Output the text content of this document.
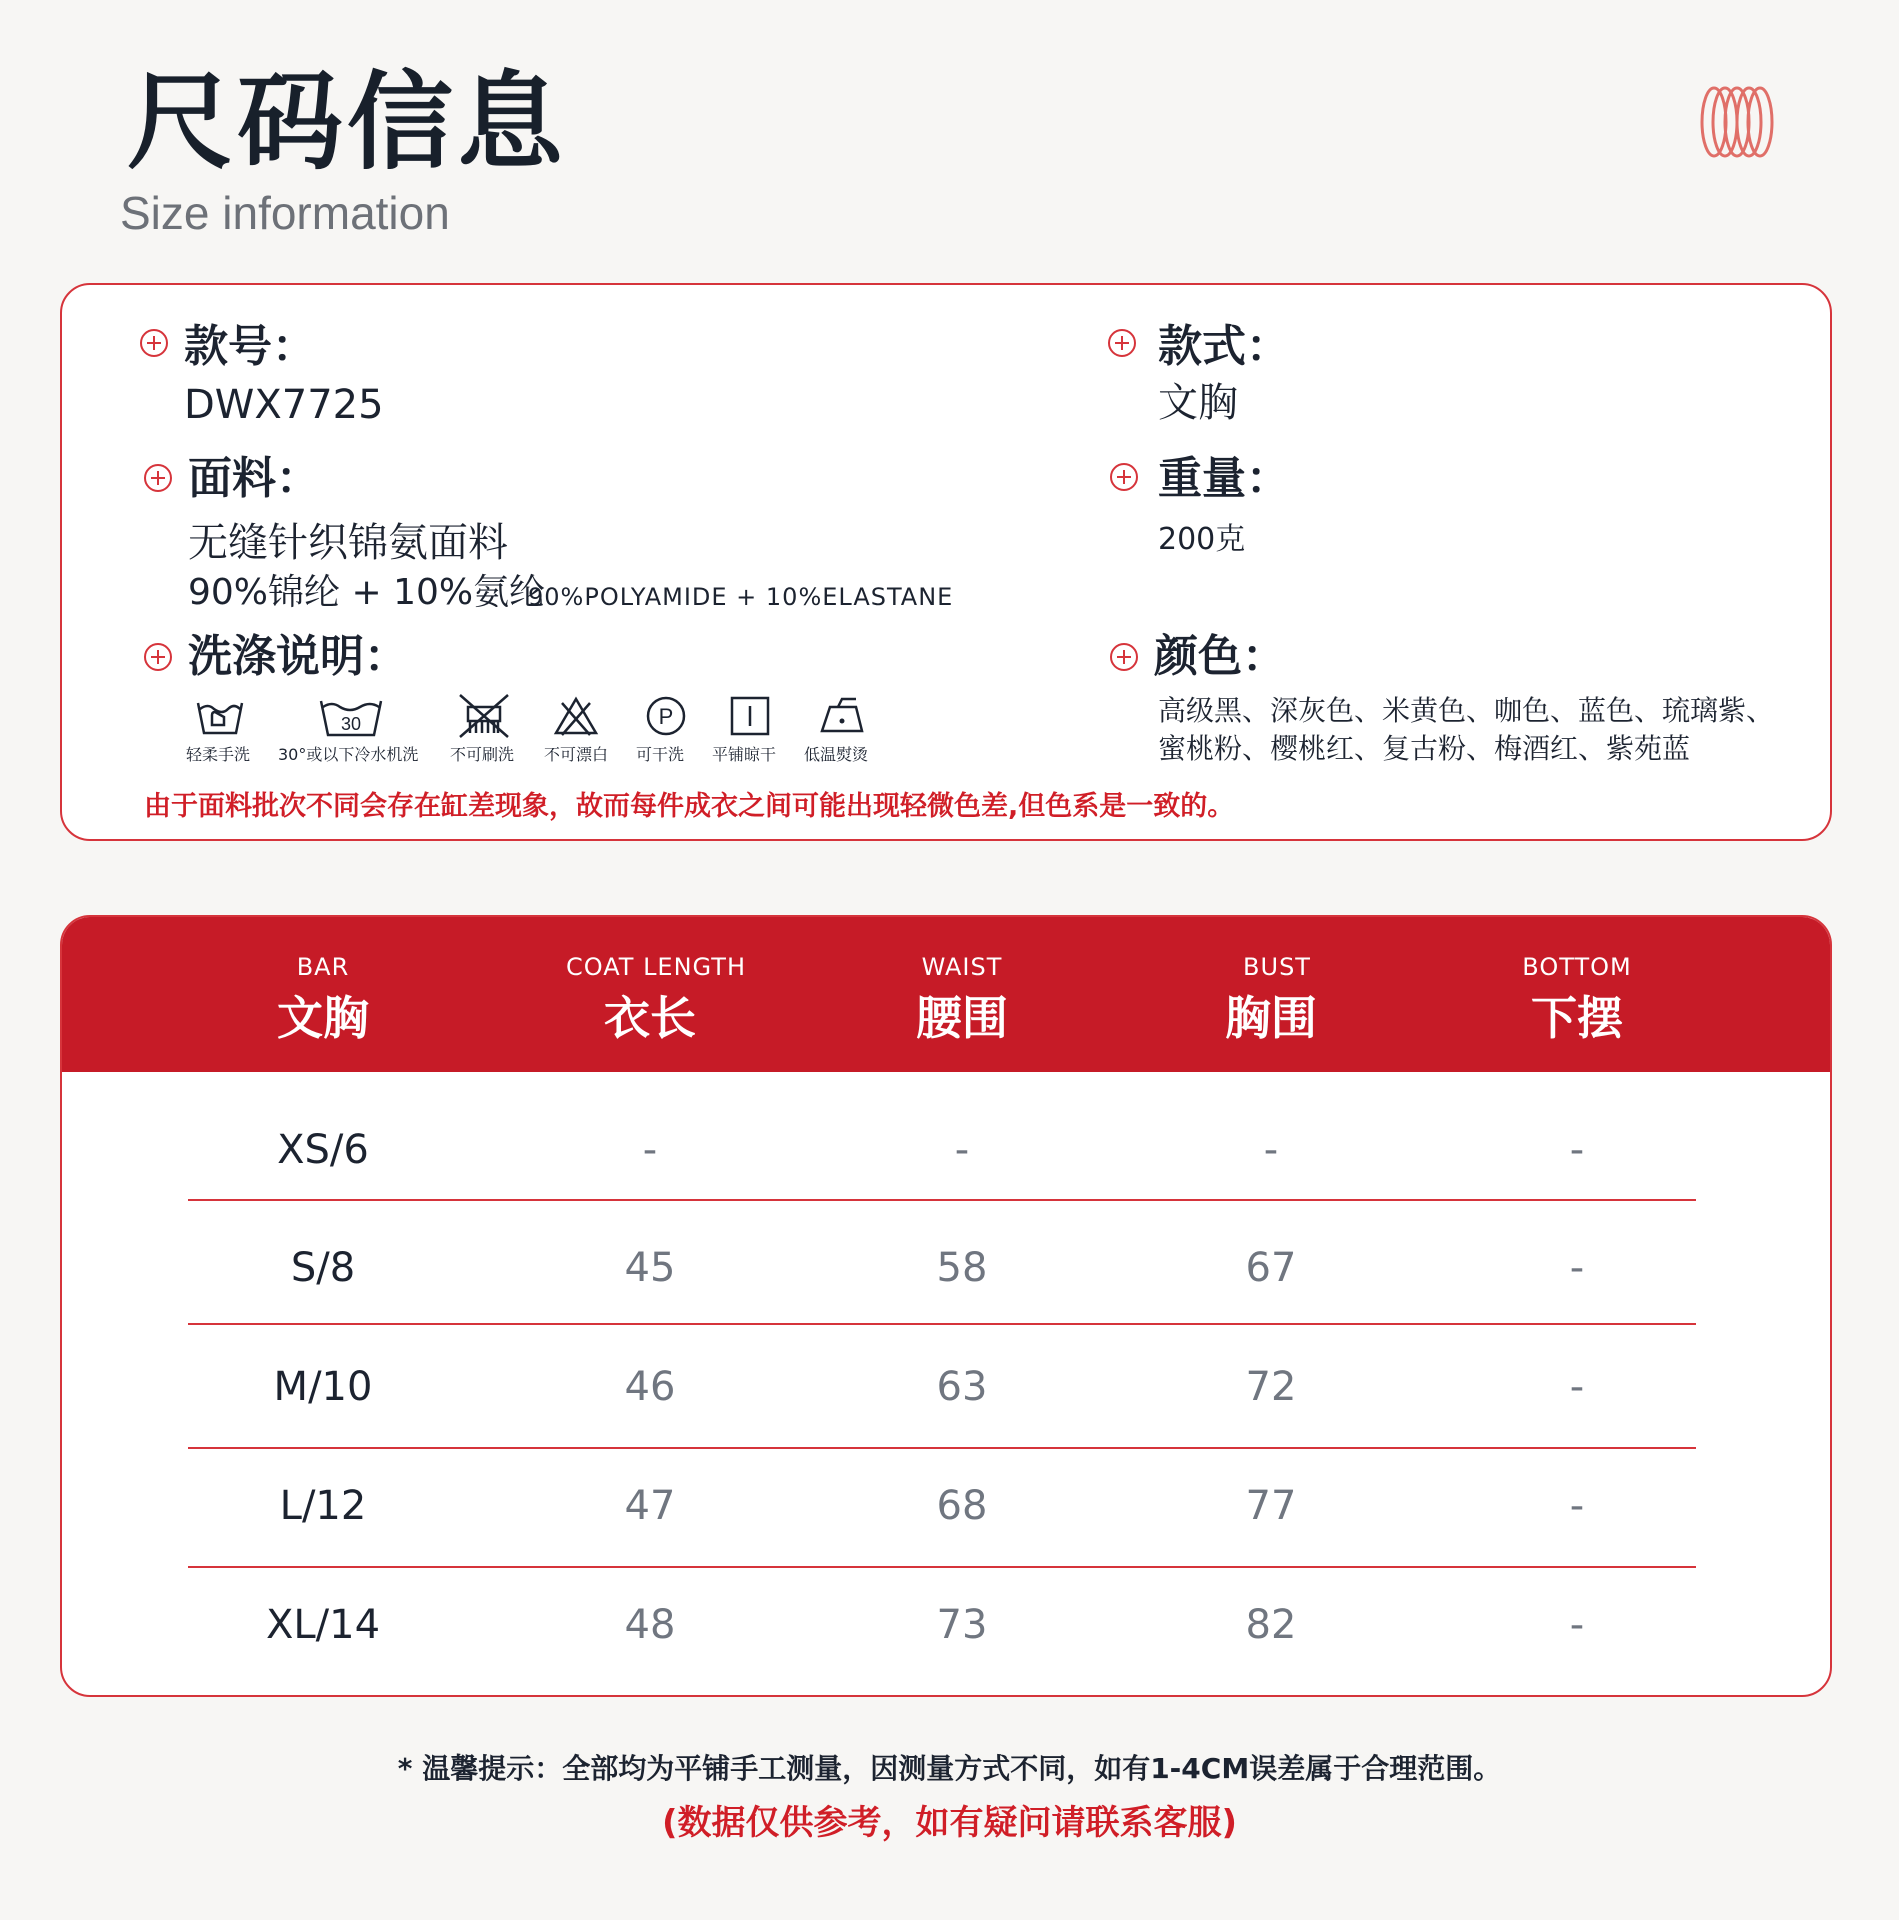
尺码信息
Size information
款号：
DWX7725
面料：
无缝针织锦氨面料
90%锦纶 + 10%氨纶
90%POLYAMIDE + 10%ELASTANE
洗涤说明：
轻柔手洗
30
30°或以下冷水机洗 不可刷洗 不可漂白
P
可干洗 平铺晾干 低温熨烫
由于面料批次不同会存在缸差现象，故而每件成衣之间可能出现轻微色差,但色系是一致的。
款式：
文胸
重量：
200克
颜色：
高级黑、深灰色、米黄色、咖色、蓝色、琉璃紫、
蜜桃粉、樱桃红、复古粉、梅酒红、紫苑蓝
BAR
文胸
COAT LENGTH
衣长
WAIST
腰围
BUST
胸围
BOTTOM
下摆
XS/6	-	-	-	-
S/8	45	58	67	-
M/10	46	63	72	-
L/12	47	68	77	-
XL/14	48	73	82	-
* 温馨提示：全部均为平铺手工测量，因测量方式不同，如有1-4CM误差属于合理范围。
(数据仅供参考，如有疑问请联系客服)
